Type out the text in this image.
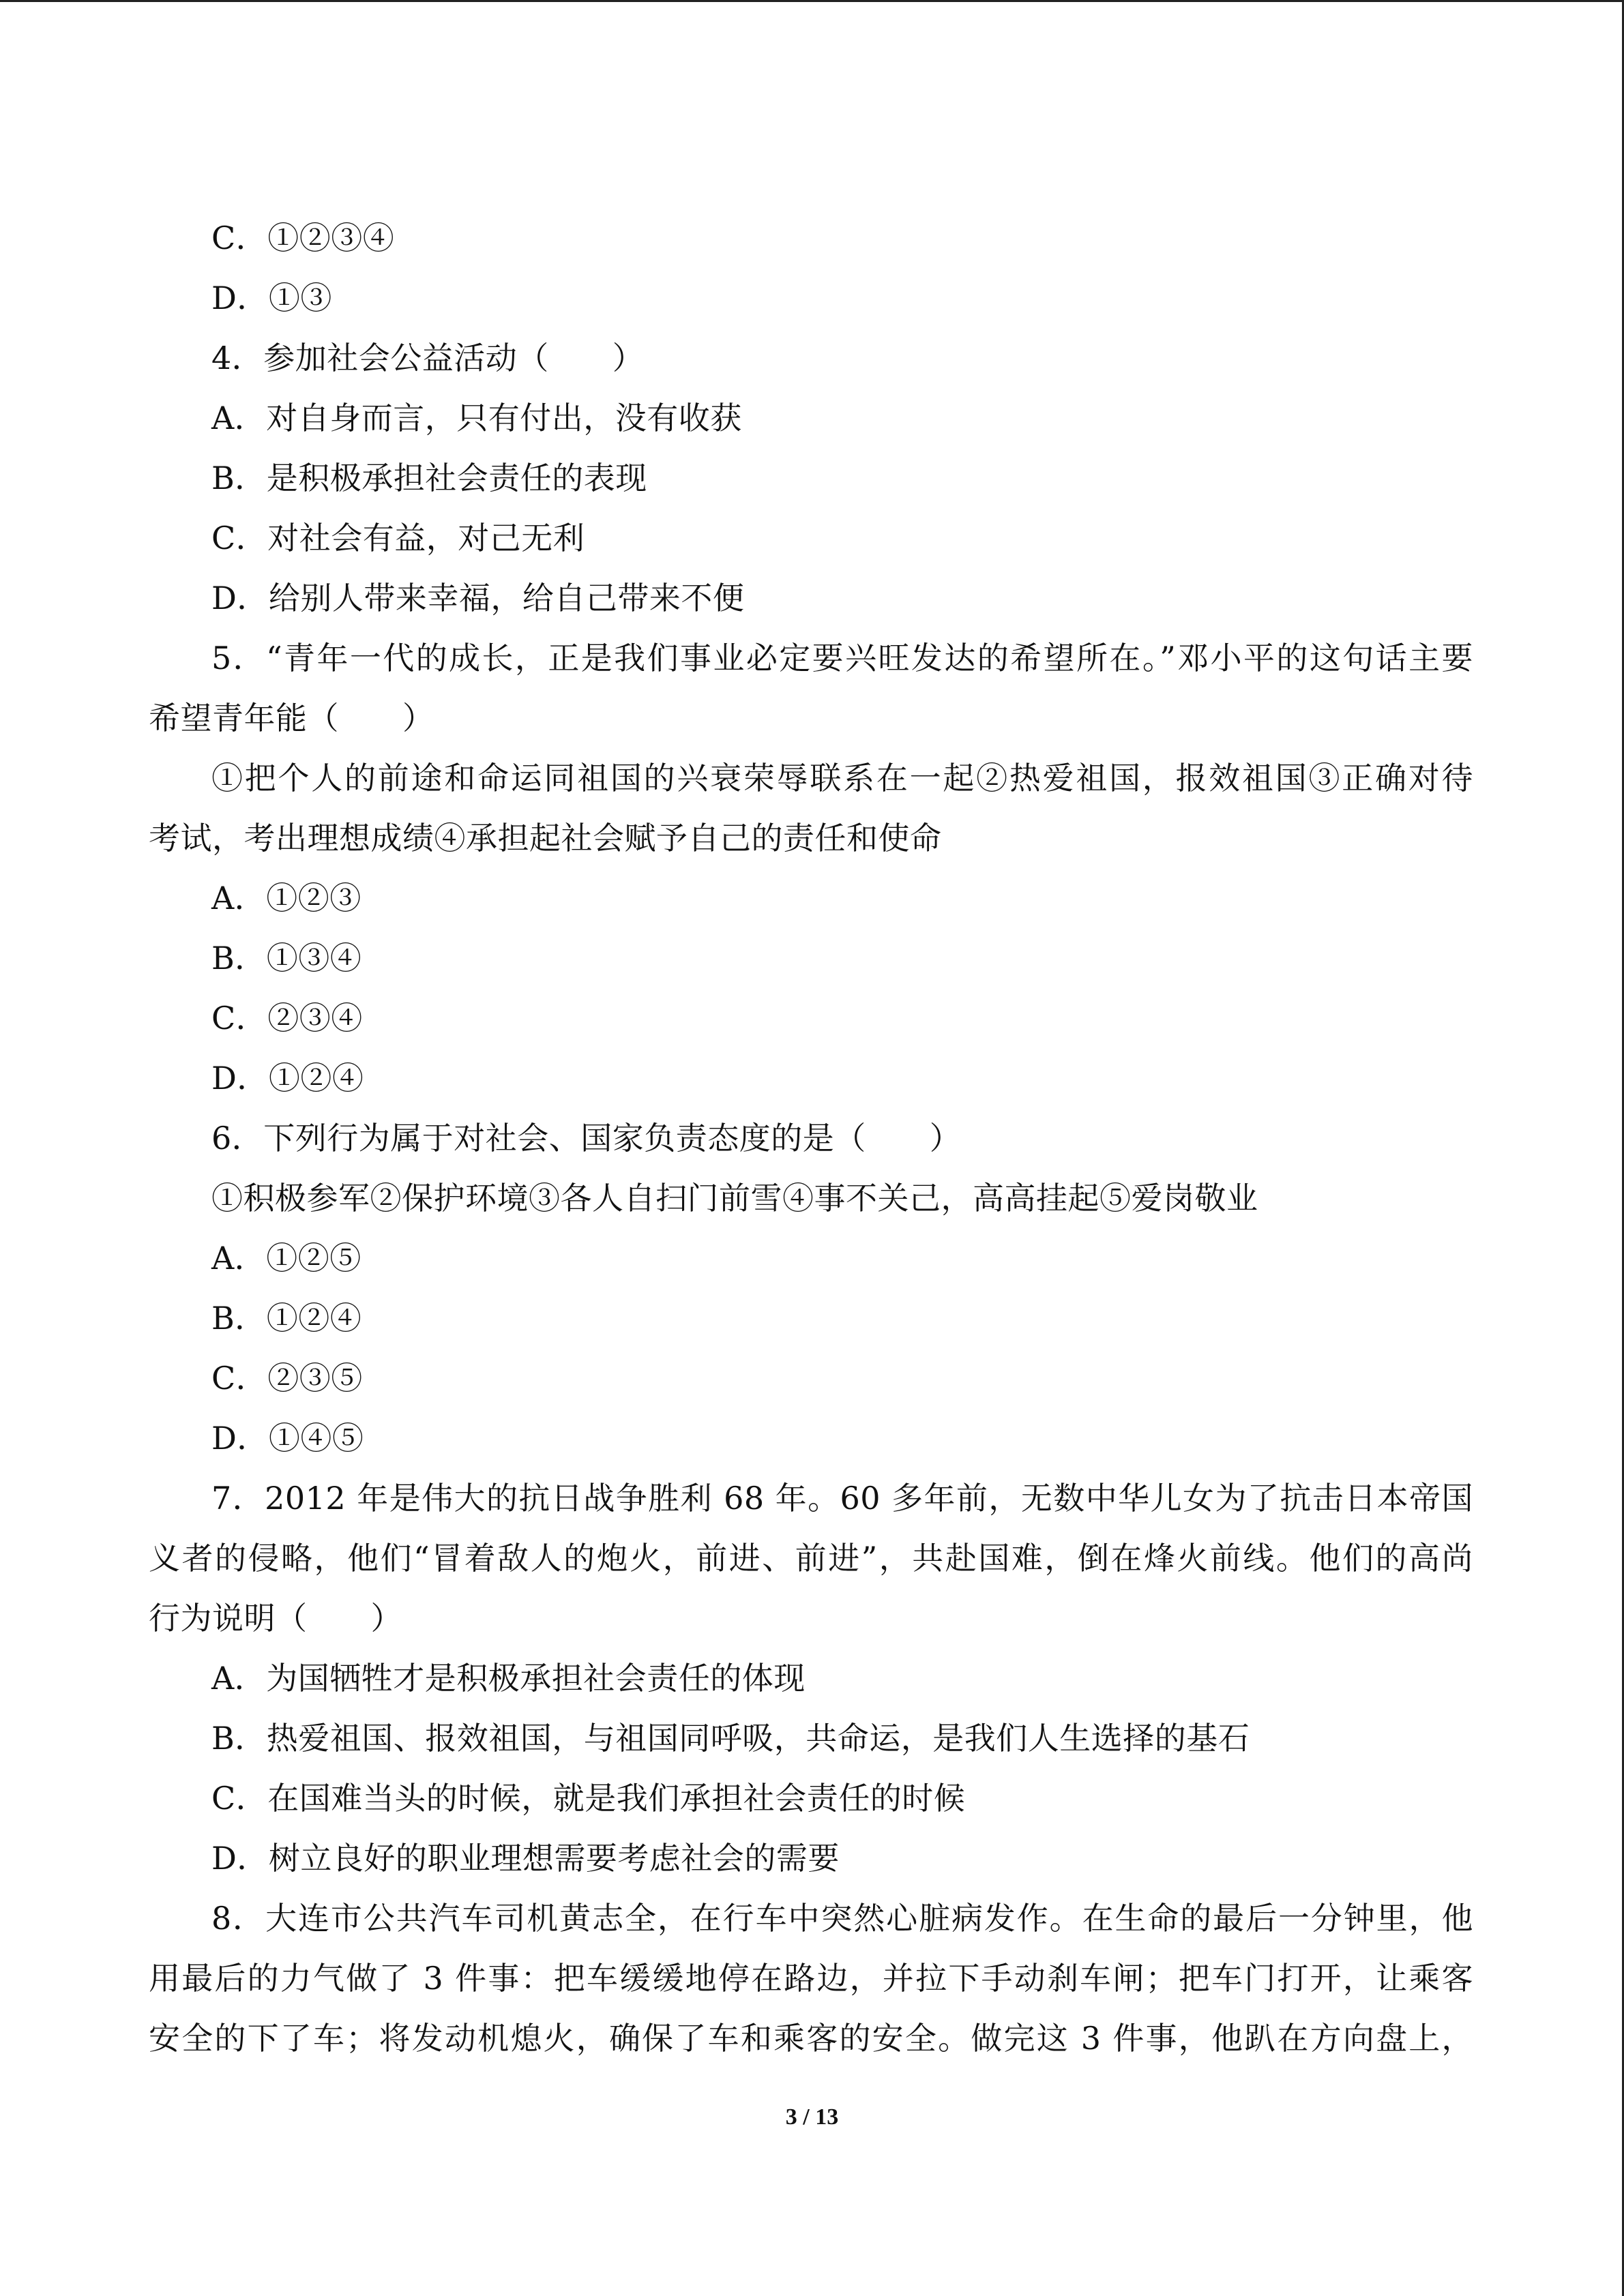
C．①②③④
D．①③
4．参加社会公益活动（　　）
A．对自身而言，只有付出，没有收获
B．是积极承担社会责任的表现
C．对社会有益，对己无利
D．给别人带来幸福，给自己带来不便
5．“青年一代的成长，正是我们事业必定要兴旺发达的希望所在。”邓小平的这句话主要
希望青年能（　　）
①把个人的前途和命运同祖国的兴衰荣辱联系在一起②热爱祖国，报效祖国③正确对待
考试，考出理想成绩④承担起社会赋予自己的责任和使命
A．①②③
B．①③④
C．②③④
D．①②④
6．下列行为属于对社会、国家负责态度的是（　　）
①积极参军②保护环境③各人自扫门前雪④事不关己，高高挂起⑤爱岗敬业
A．①②⑤
B．①②④
C．②③⑤
D．①④⑤
7．2012 年是伟大的抗日战争胜利 68 年。60 多年前，无数中华儿女为了抗击日本帝国
义者的侵略，他们“冒着敌人的炮火，前进、前进”，共赴国难，倒在烽火前线。他们的高尚
行为说明（　　）
A．为国牺牲才是积极承担社会责任的体现
B．热爱祖国、报效祖国，与祖国同呼吸，共命运，是我们人生选择的基石
C．在国难当头的时候，就是我们承担社会责任的时候
D．树立良好的职业理想需要考虑社会的需要
8．大连市公共汽车司机黄志全，在行车中突然心脏病发作。在生命的最后一分钟里，他
用最后的力气做了 3 件事：把车缓缓地停在路边，并拉下手动刹车闸；把车门打开，让乘客
安全的下了车；将发动机熄火，确保了车和乘客的安全。做完这 3 件事，他趴在方向盘上，
3 / 13
